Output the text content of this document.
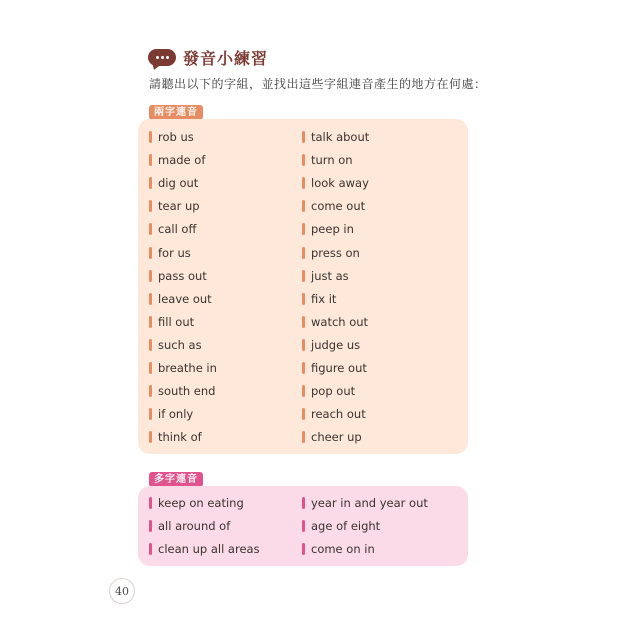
發音小練習
請聽出以下的字組，並找出這些字組連音產生的地方在何處：
兩字連音
多字連音
rob us
made of
dig out
tear up
call off
for us
pass out
leave out
fill out
such as
breathe in
south end
if only
think of
talk about
turn on
look away
come out
peep in
press on
just as
fix it
watch out
judge us
figure out
pop out
reach out
cheer up
keep on eating
all around of
clean up all areas
year in and year out
age of eight
come on in
40
